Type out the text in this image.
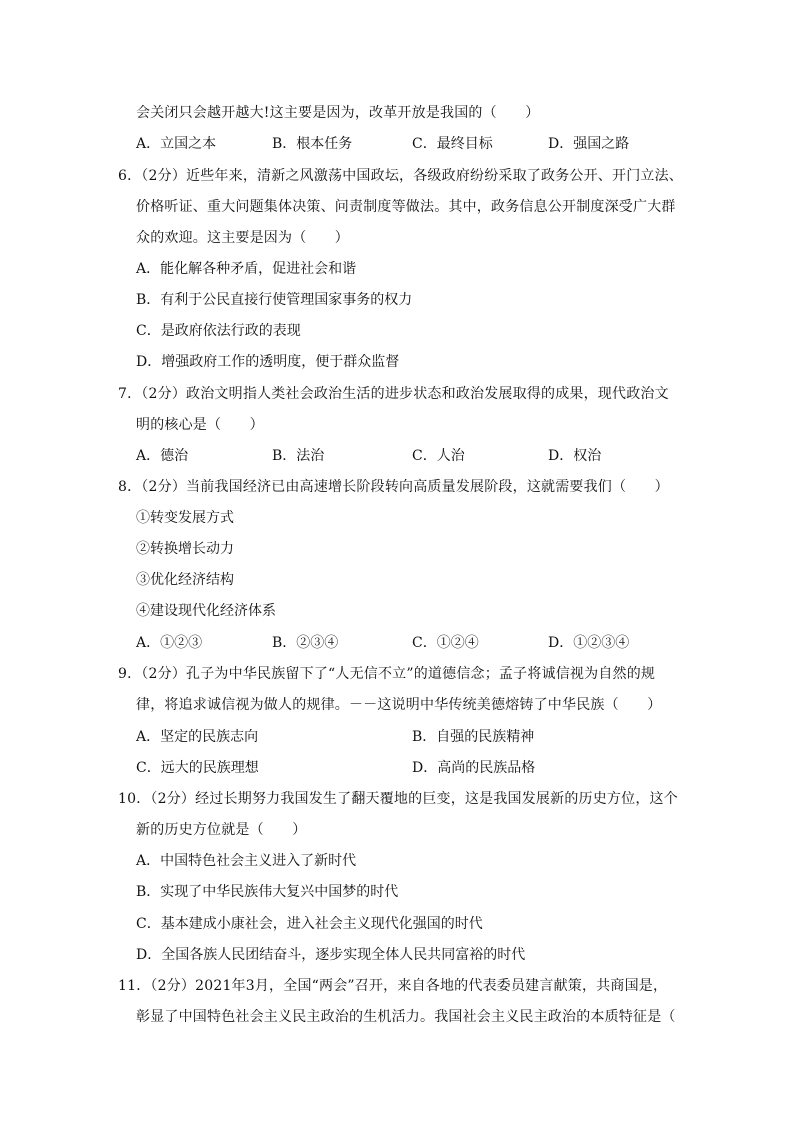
会关闭只会越开越大!这主要是因为，改革开放是我国的（　　）
A．立国之本	B．根本任务	C．最终目标	D．强国之路
6．（2分）近些年来，清新之风激荡中国政坛，各级政府纷纷采取了政务公开、开门立法、
价格听证、重大问题集体决策、问责制度等做法。其中，政务信息公开制度深受广大群
众的欢迎。这主要是因为（　　）
A．能化解各种矛盾，促进社会和谐
B．有利于公民直接行使管理国家事务的权力
C．是政府依法行政的表现
D．增强政府工作的透明度，便于群众监督
7．（2分）政治文明指人类社会政治生活的进步状态和政治发展取得的成果，现代政治文
明的核心是（　　）
A．德治	B．法治	C．人治	D．权治
8．（2分）当前我国经济已由高速增长阶段转向高质量发展阶段，这就需要我们（　　）
①转变发展方式
②转换增长动力
③优化经济结构
④建设现代化经济体系
A．①②③	B．②③④	C．①②④	D．①②③④
9．（2分）孔子为中华民族留下了“人无信不立”的道德信念；孟子将诚信视为自然的规
律，将追求诚信视为做人的规律。－－这说明中华传统美德熔铸了中华民族（　　）
A．坚定的民族志向	B．自强的民族精神
C．远大的民族理想	D．高尚的民族品格
10．（2分）经过长期努力我国发生了翻天覆地的巨变，这是我国发展新的历史方位，这个
新的历史方位就是（　　）
A．中国特色社会主义进入了新时代
B．实现了中华民族伟大复兴中国梦的时代
C．基本建成小康社会，进入社会主义现代化强国的时代
D．全国各族人民团结奋斗，逐步实现全体人民共同富裕的时代
11．（2分）2021年3月，全国“两会”召开，来自各地的代表委员建言献策，共商国是，
彰显了中国特色社会主义民主政治的生机活力。我国社会主义民主政治的本质特征是（
